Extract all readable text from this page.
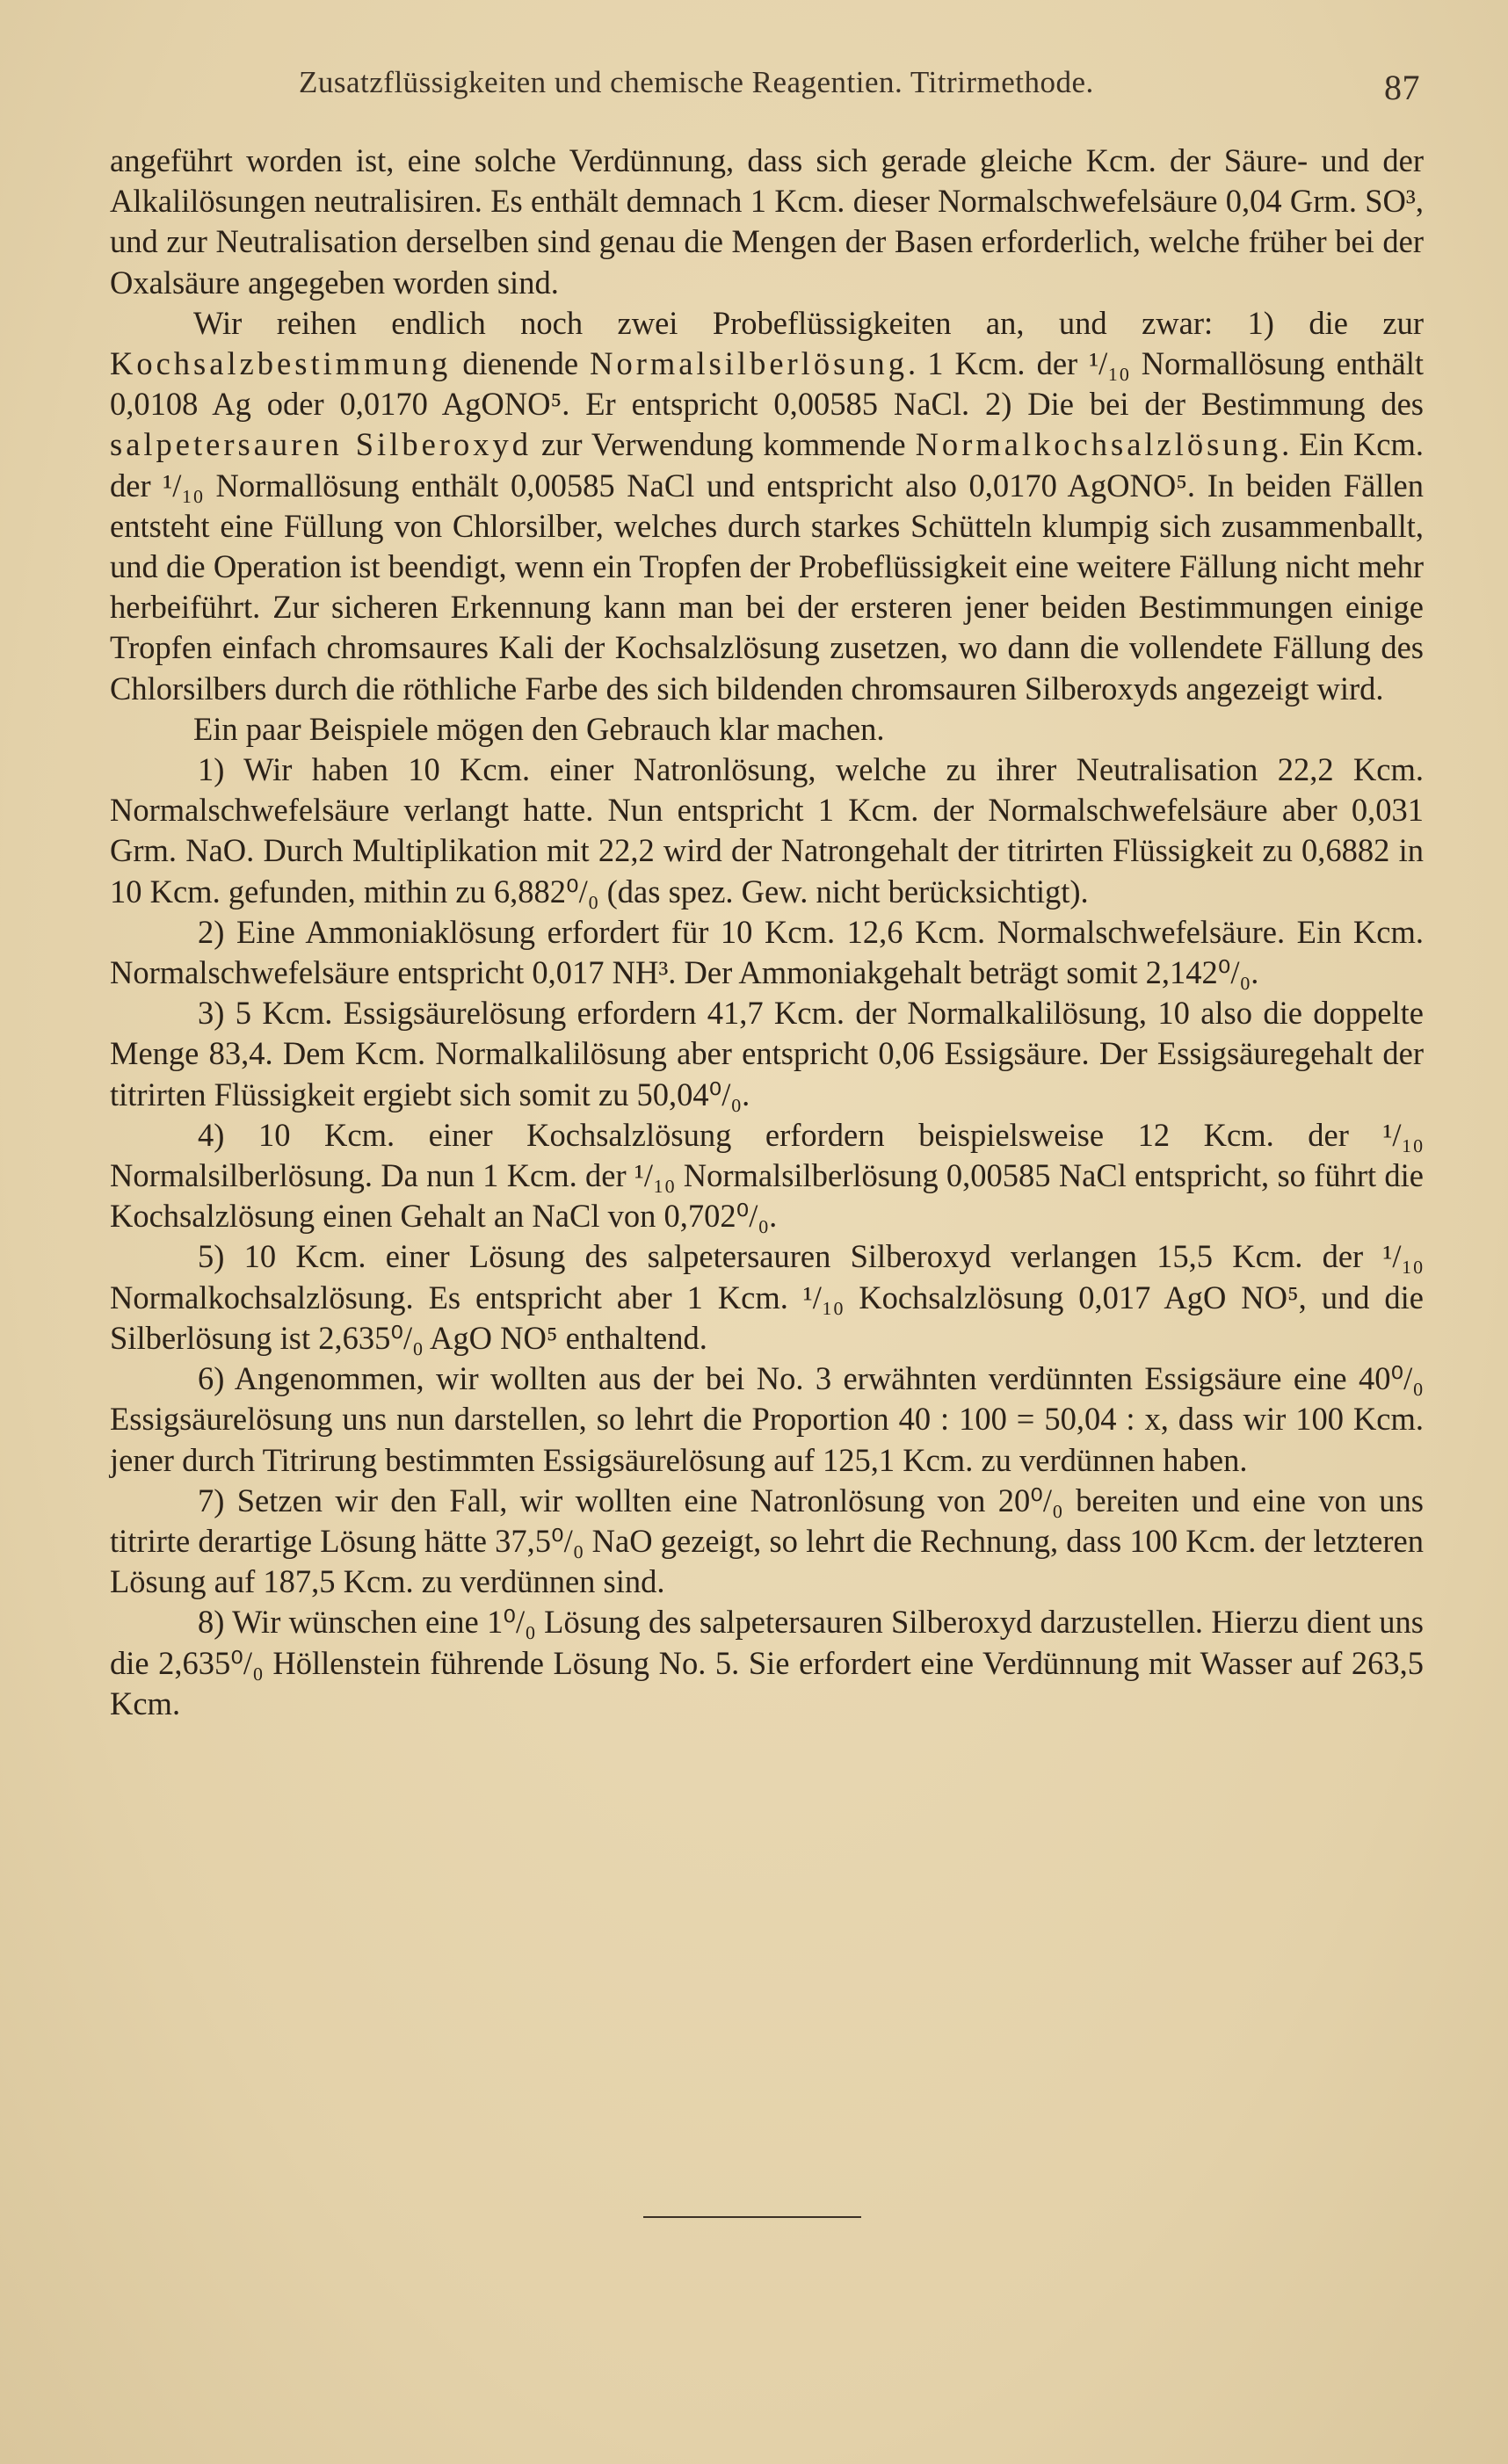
Zusatzflüssigkeiten und chemische Reagentien. Titrirmethode.	87

angeführt worden ist, eine solche Verdünnung, dass sich gerade gleiche Kcm. der Säure- und der Alkalilösungen neutralisiren. Es enthält demnach 1 Kcm. dieser Normalschwefelsäure 0,04 Grm. SO³, und zur Neutralisation derselben sind genau die Mengen der Basen erforderlich, welche früher bei der Oxalsäure angegeben worden sind.

Wir reihen endlich noch zwei Probeflüssigkeiten an, und zwar: 1) die zur Kochsalzbestimmung dienende Normalsilberlösung. 1 Kcm. der ¹/₁₀ Normallösung enthält 0,0108 Ag oder 0,0170 AgONO⁵. Er entspricht 0,00585 NaCl. 2) Die bei der Bestimmung des salpetersauren Silberoxyd zur Verwendung kommende Normalkochsalzlösung. Ein Kcm. der ¹/₁₀ Normallösung enthält 0,00585 NaCl und entspricht also 0,0170 AgONO⁵. In beiden Fällen entsteht eine Füllung von Chlorsilber, welches durch starkes Schütteln klumpig sich zusammenballt, und die Operation ist beendigt, wenn ein Tropfen der Probeflüssigkeit eine weitere Fällung nicht mehr herbeiführt. Zur sicheren Erkennung kann man bei der ersteren jener beiden Bestimmungen einige Tropfen einfach chromsaures Kali der Kochsalzlösung zusetzen, wo dann die vollendete Fällung des Chlorsilbers durch die röthliche Farbe des sich bildenden chromsauren Silberoxyds angezeigt wird.

Ein paar Beispiele mögen den Gebrauch klar machen.

1) Wir haben 10 Kcm. einer Natronlösung, welche zu ihrer Neutralisation 22,2 Kcm. Normalschwefelsäure verlangt hatte. Nun entspricht 1 Kcm. der Normalschwefelsäure aber 0,031 Grm. NaO. Durch Multiplikation mit 22,2 wird der Natrongehalt der titrirten Flüssigkeit zu 0,6882 in 10 Kcm. gefunden, mithin zu 6,882⁰/₀ (das spez. Gew. nicht berücksichtigt).

2) Eine Ammoniaklösung erfordert für 10 Kcm. 12,6 Kcm. Normalschwefelsäure. Ein Kcm. Normalschwefelsäure entspricht 0,017 NH³. Der Ammoniakgehalt beträgt somit 2,142⁰/₀.

3) 5 Kcm. Essigsäurelösung erfordern 41,7 Kcm. der Normalkalilösung, 10 also die doppelte Menge 83,4. Dem Kcm. Normalkalilösung aber entspricht 0,06 Essigsäure. Der Essigsäuregehalt der titrirten Flüssigkeit ergiebt sich somit zu 50,04⁰/₀.

4) 10 Kcm. einer Kochsalzlösung erfordern beispielsweise 12 Kcm. der ¹/₁₀ Normalsilberlösung. Da nun 1 Kcm. der ¹/₁₀ Normalsilberlösung 0,00585 NaCl entspricht, so führt die Kochsalzlösung einen Gehalt an NaCl von 0,702⁰/₀.

5) 10 Kcm. einer Lösung des salpetersauren Silberoxyd verlangen 15,5 Kcm. der ¹/₁₀ Normalkochsalzlösung. Es entspricht aber 1 Kcm. ¹/₁₀ Kochsalzlösung 0,017 AgO NO⁵, und die Silberlösung ist 2,635⁰/₀ AgO NO⁵ enthaltend.

6) Angenommen, wir wollten aus der bei No. 3 erwähnten verdünnten Essigsäure eine 40⁰/₀ Essigsäurelösung uns nun darstellen, so lehrt die Proportion 40 : 100 = 50,04 : x, dass wir 100 Kcm. jener durch Titrirung bestimmten Essigsäurelösung auf 125,1 Kcm. zu verdünnen haben.

7) Setzen wir den Fall, wir wollten eine Natronlösung von 20⁰/₀ bereiten und eine von uns titrirte derartige Lösung hätte 37,5⁰/₀ NaO gezeigt, so lehrt die Rechnung, dass 100 Kcm. der letzteren Lösung auf 187,5 Kcm. zu verdünnen sind.

8) Wir wünschen eine 1⁰/₀ Lösung des salpetersauren Silberoxyd darzustellen. Hierzu dient uns die 2,635⁰/₀ Höllenstein führende Lösung No. 5. Sie erfordert eine Verdünnung mit Wasser auf 263,5 Kcm.
